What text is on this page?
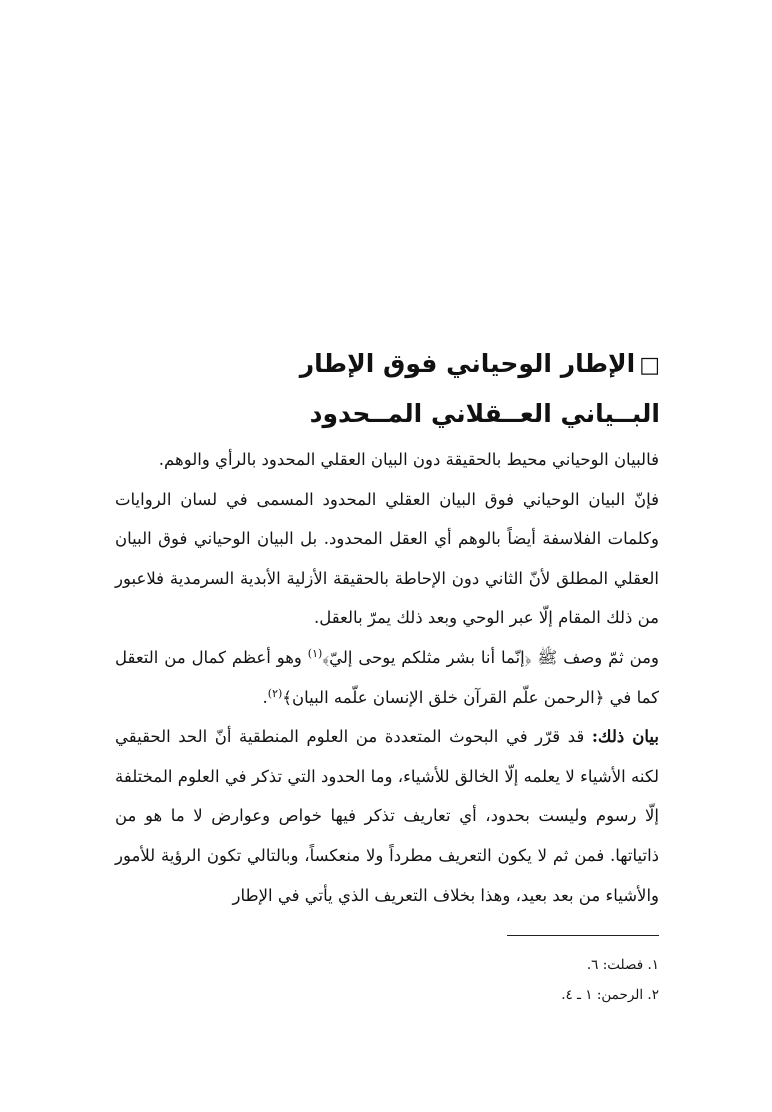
□الإطار الوحياني فوق الإطار
البــياني العــقلاني المــحدود

فالبيان الوحياني محيط بالحقيقة دون البيان العقلي المحدود بالرأي والوهم.

فإنّ البيان الوحياني فوق البيان العقلي المحدود المسمى في لسان الروايات وكلمات الفلاسفة أيضاً بالوهم أي العقل المحدود. بل البيان الوحياني فوق البيان العقلي المطلق لأنّ الثاني دون الإحاطة بالحقيقة الأزلية الأبدية السرمدية فلاعبور من ذلك المقام إلّا عبر الوحي وبعد ذلك يمرّ بالعقل.

ومن ثمّ وصف ﷺ ﴿إنّما أنا بشر مثلكم يوحى إليّ﴾$^{(١)}$ وهو أعظم كمال من التعقل كما في ﴿الرحمن علّم القرآن خلق الإنسان علّمه البيان﴾$^{(٢)}$.

بيان ذلك: قد قرّر في البحوث المتعددة من العلوم المنطقية أنّ الحد الحقيقي لكنه الأشياء لا يعلمه إلّا الخالق للأشياء، وما الحدود التي تذكر في العلوم المختلفة إلّا رسوم وليست بحدود، أي تعاريف تذكر فيها خواص وعوارض لا ما هو من ذاتياتها. فمن ثم لا يكون التعريف مطرداً ولا منعكساً، وبالتالي تكون الرؤية للأمور والأشياء من بعد بعيد، وهذا بخلاف التعريف الذي يأتي في الإطار

١. فصلت: ٦.
٢. الرحمن: ١ ـ ٤.
